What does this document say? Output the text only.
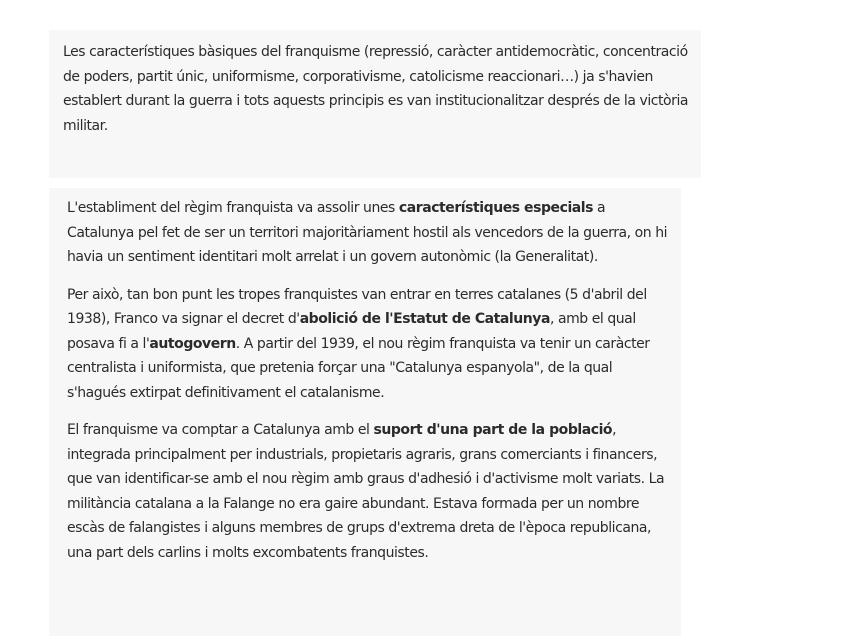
Les característiques bàsiques del franquisme (repressió, caràcter antidemocràtic, concentració de poders, partit únic, uniformisme, corporativisme, catolicisme reaccionari…) ja s'havien establert durant la guerra i tots aquests principis es van institucionalitzar després de la victòria militar.

L'establiment del règim franquista va assolir unes característiques especials a Catalunya pel fet de ser un territori majoritàriament hostil als vencedors de la guerra, on hi havia un sentiment identitari molt arrelat i un govern autonòmic (la Generalitat).

Per això, tan bon punt les tropes franquistes van entrar en terres catalanes (5 d'abril del 1938), Franco va signar el decret d'abolició de l'Estatut de Catalunya, amb el qual posava fi a l'autogovern. A partir del 1939, el nou règim franquista va tenir un caràcter centralista i uniformista, que pretenia forçar una "Catalunya espanyola", de la qual s'hagués extirpat definitivament el catalanisme.

El franquisme va comptar a Catalunya amb el suport d'una part de la població, integrada principalment per industrials, propietaris agraris, grans comerciants i financers, que van identificar-se amb el nou règim amb graus d'adhesió i d'activisme molt variats. La militància catalana a la Falange no era gaire abundant. Estava formada per un nombre escàs de falangistes i alguns membres de grups d'extrema dreta de l'època republicana, una part dels carlins i molts excombatents franquistes.
